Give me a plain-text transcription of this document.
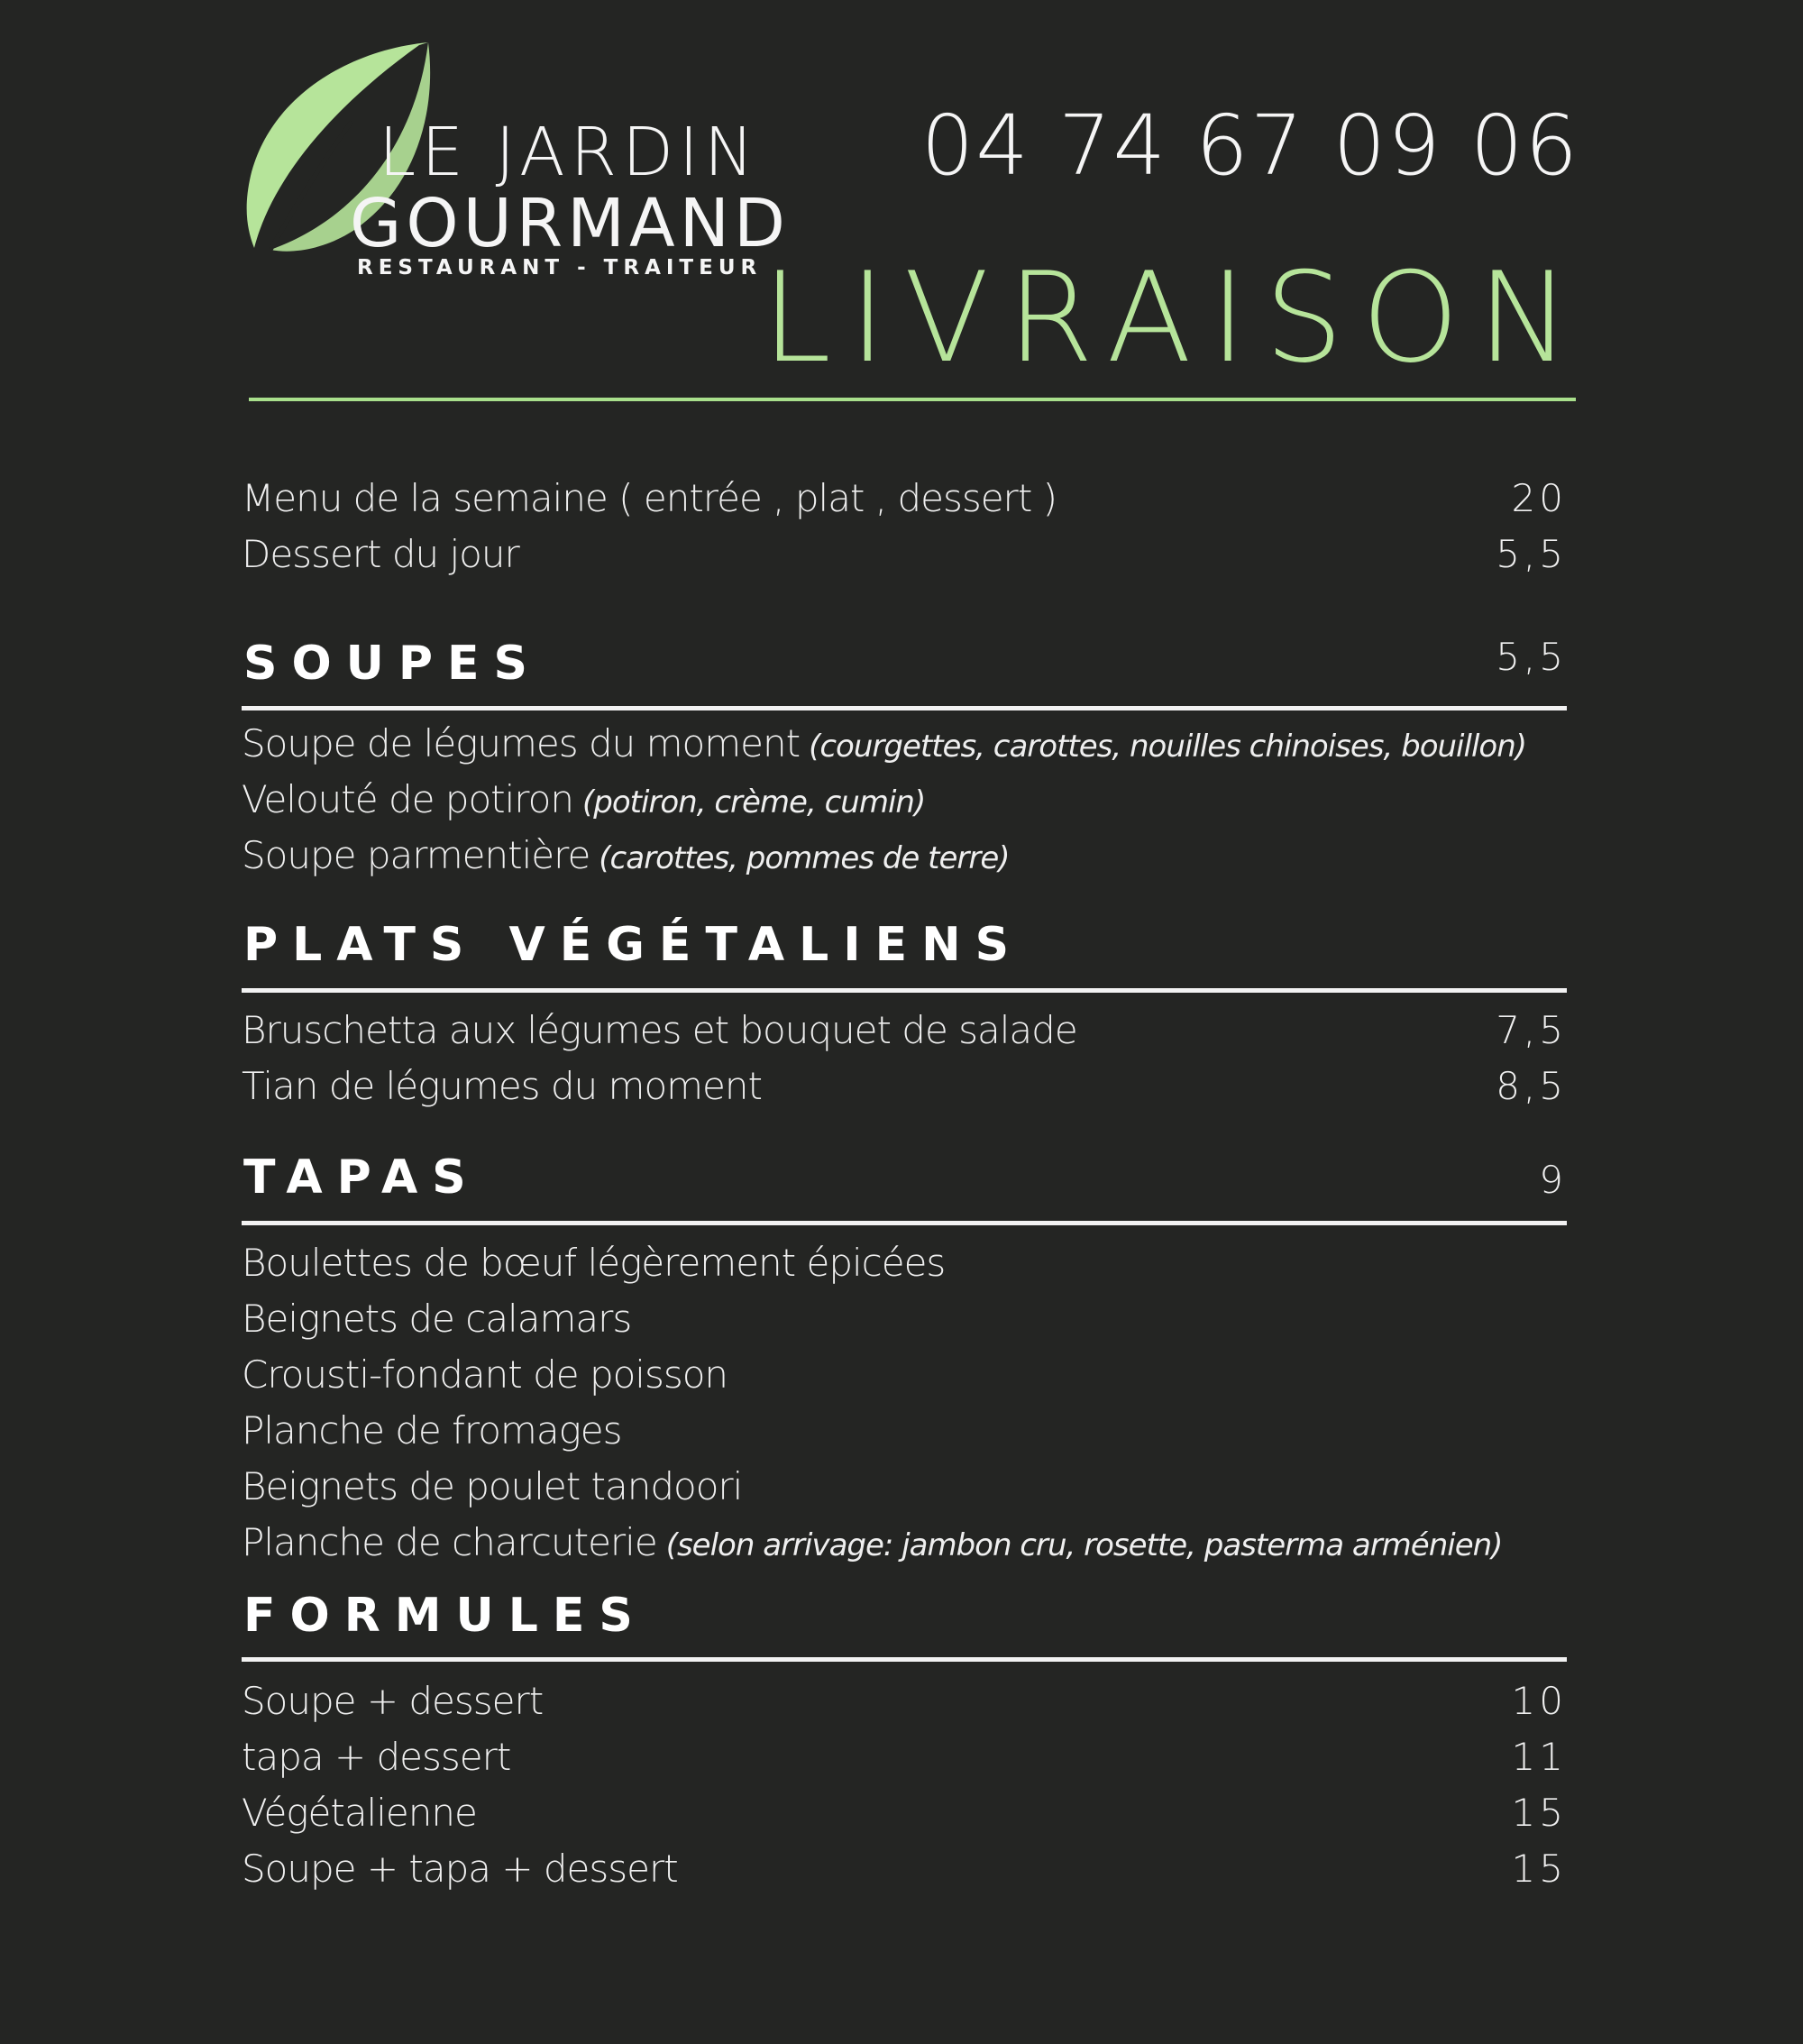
LE JARDIN
GOURMAND
RESTAURANT - TRAITEUR
04 74 67 09 06
LIVRAISON
Menu de la semaine ( entrée , plat , dessert )	20
Dessert du jour	5,5
SOUPES	5,5
Soupe de légumes du moment (courgettes, carottes, nouilles chinoises, bouillon)
Velouté de potiron (potiron, crème, cumin)
Soupe parmentière (carottes, pommes de terre)
PLATS VÉGÉTALIENS
Bruschetta aux légumes et bouquet de salade	7,5
Tian de légumes du moment	8,5
TAPAS	9
Boulettes de bœuf légèrement épicées
Beignets de calamars
Crousti-fondant de poisson
Planche de fromages
Beignets de poulet tandoori
Planche de charcuterie (selon arrivage: jambon cru, rosette, pasterma arménien)
FORMULES
Soupe + dessert	10
tapa + dessert	11
Végétalienne	15
Soupe + tapa + dessert	15
